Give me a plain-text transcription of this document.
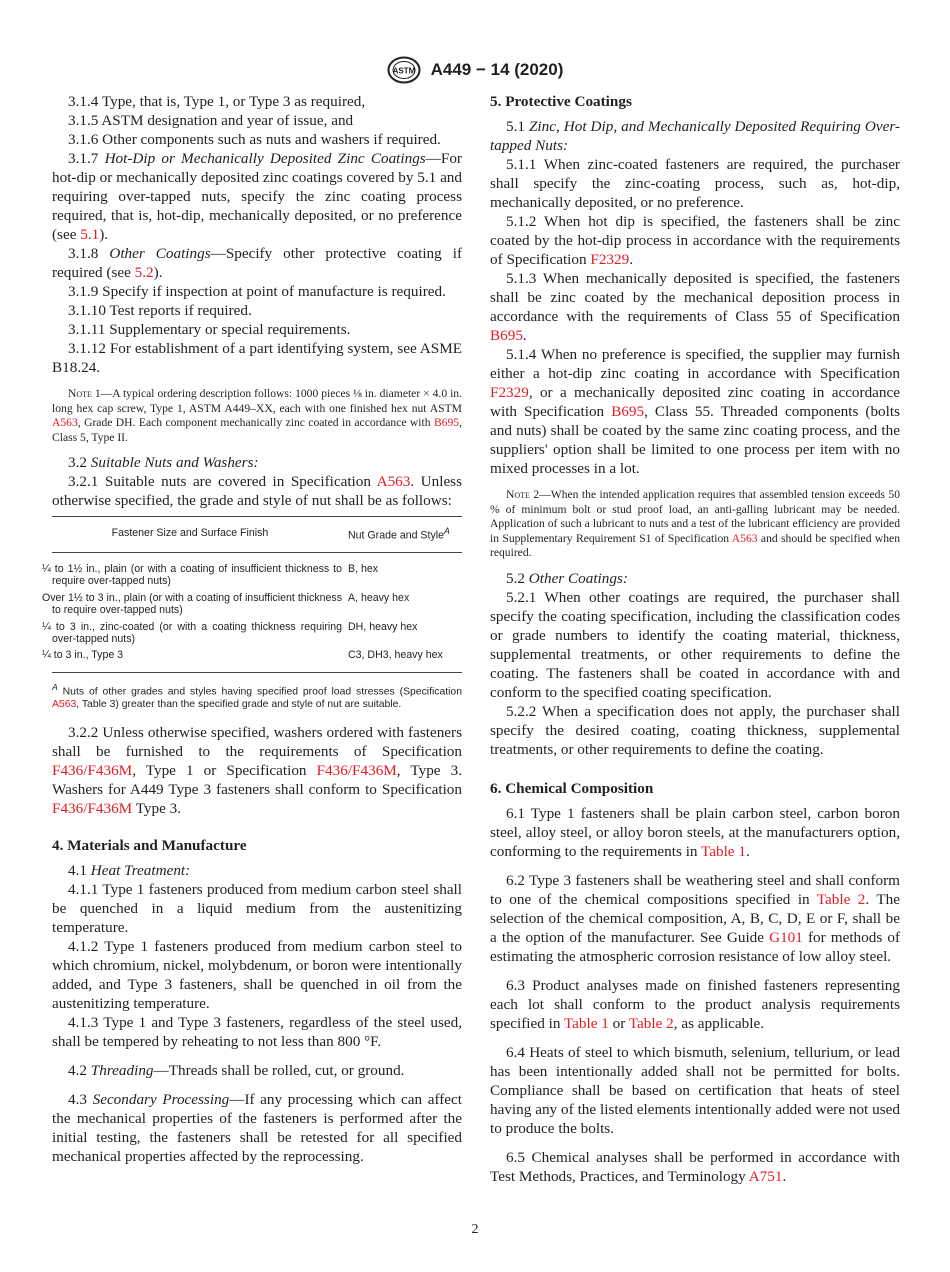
ASTM A449 − 14 (2020)

3.1.4 Type, that is, Type 1, or Type 3 as required,

3.1.5 ASTM designation and year of issue, and

3.1.6 Other components such as nuts and washers if required.

3.1.7 Hot-Dip or Mechanically Deposited Zinc Coatings—For hot-dip or mechanically deposited zinc coatings covered by 5.1 and requiring over-tapped nuts, specify the zinc coating process required, that is, hot-dip, mechanically deposited, or no preference (see 5.1).

3.1.8 Other Coatings—Specify other protective coating if required (see 5.2).

3.1.9 Specify if inspection at point of manufacture is required.

3.1.10 Test reports if required.

3.1.11 Supplementary or special requirements.

3.1.12 For establishment of a part identifying system, see ASME B18.24.

Note 1—A typical ordering description follows: 1000 pieces ⅛ in. diameter × 4.0 in. long hex cap screw, Type 1, ASTM A449–XX, each with one finished hex nut ASTM A563, Grade DH. Each component mechanically zinc coated in accordance with B695, Class 5, Type II.

3.2 Suitable Nuts and Washers:

3.2.1 Suitable nuts are covered in Specification A563. Unless otherwise specified, the grade and style of nut shall be as follows:

Fastener Size and Surface Finish	Nut Grade and Style$^A$
¼ to 1½ in., plain (or with a coating of insufficient thickness to require over-tapped nuts)	B, hex
Over 1½ to 3 in., plain (or with a coating of insufficient thickness to require over-tapped nuts)	A, heavy hex
¼ to 3 in., zinc-coated (or with a coating thickness requiring over-tapped nuts)	DH, heavy hex
¼ to 3 in., Type 3	C3, DH3, heavy hex

$^A$ Nuts of other grades and styles having specified proof load stresses (Specification A563, Table 3) greater than the specified grade and style of nut are suitable.

3.2.2 Unless otherwise specified, washers ordered with fasteners shall be furnished to the requirements of Specification F436/F436M, Type 1 or Specification F436/F436M, Type 3. Washers for A449 Type 3 fasteners shall conform to Specification F436/F436M Type 3.

4. Materials and Manufacture

4.1 Heat Treatment:

4.1.1 Type 1 fasteners produced from medium carbon steel shall be quenched in a liquid medium from the austenitizing temperature.

4.1.2 Type 1 fasteners produced from medium carbon steel to which chromium, nickel, molybdenum, or boron were intentionally added, and Type 3 fasteners, shall be quenched in oil from the austenitizing temperature.

4.1.3 Type 1 and Type 3 fasteners, regardless of the steel used, shall be tempered by reheating to not less than 800 °F.

4.2 Threading—Threads shall be rolled, cut, or ground.

4.3 Secondary Processing—If any processing which can affect the mechanical properties of the fasteners is performed after the initial testing, the fasteners shall be retested for all specified mechanical properties affected by the reprocessing.

5. Protective Coatings

5.1 Zinc, Hot Dip, and Mechanically Deposited Requiring Over-tapped Nuts:

5.1.1 When zinc-coated fasteners are required, the purchaser shall specify the zinc-coating process, such as, hot-dip, mechanically deposited, or no preference.

5.1.2 When hot dip is specified, the fasteners shall be zinc coated by the hot-dip process in accordance with the requirements of Specification F2329.

5.1.3 When mechanically deposited is specified, the fasteners shall be zinc coated by the mechanical deposition process in accordance with the requirements of Class 55 of Specification B695.

5.1.4 When no preference is specified, the supplier may furnish either a hot-dip zinc coating in accordance with Specification F2329, or a mechanically deposited zinc coating in accordance with Specification B695, Class 55. Threaded components (bolts and nuts) shall be coated by the same zinc coating process, and the suppliers' option shall be limited to one process per item with no mixed processes in a lot.

Note 2—When the intended application requires that assembled tension exceeds 50 % of minimum bolt or stud proof load, an anti-galling lubricant may be needed. Application of such a lubricant to nuts and a test of the lubricant efficiency are provided in Supplementary Requirement S1 of Specification A563 and should be specified when required.

5.2 Other Coatings:

5.2.1 When other coatings are required, the purchaser shall specify the coating specification, including the classification codes or grade numbers to identify the coating material, thickness, supplemental treatments, or other requirements to define the coating. The fasteners shall be coated in accordance with and conform to the specified coating specification.

5.2.2 When a specification does not apply, the purchaser shall specify the desired coating, coating thickness, supplemental treatments, or other requirements to define the coating.

6. Chemical Composition

6.1 Type 1 fasteners shall be plain carbon steel, carbon boron steel, alloy steel, or alloy boron steels, at the manufacturers option, conforming to the requirements in Table 1.

6.2 Type 3 fasteners shall be weathering steel and shall conform to one of the chemical compositions specified in Table 2. The selection of the chemical composition, A, B, C, D, E or F, shall be a the option of the manufacturer. See Guide G101 for methods of estimating the atmospheric corrosion resistance of low alloy steel.

6.3 Product analyses made on finished fasteners representing each lot shall conform to the product analysis requirements specified in Table 1 or Table 2, as applicable.

6.4 Heats of steel to which bismuth, selenium, tellurium, or lead has been intentionally added shall not be permitted for bolts. Compliance shall be based on certification that heats of steel having any of the listed elements intentionally added were not used to produce the bolts.

6.5 Chemical analyses shall be performed in accordance with Test Methods, Practices, and Terminology A751.

2
